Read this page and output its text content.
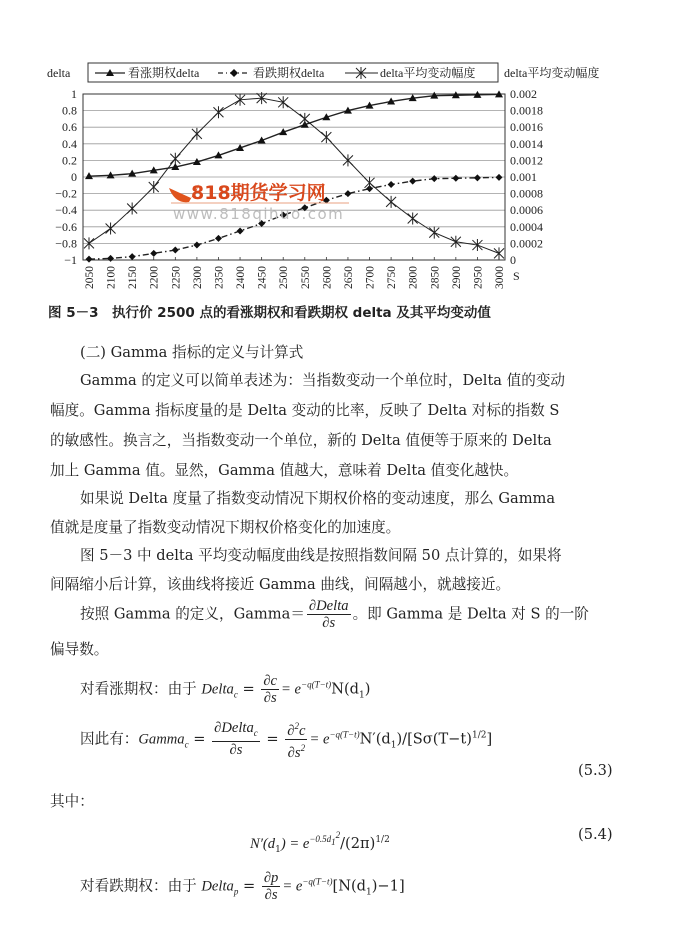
delta	看涨期权delta	看跌期权delta	delta平均变动幅度 delta平均变动幅度
1	0.002
0.8	0.0018
0.6	0.0016
0.4	0.0014
0.2	0.0012
0	0.001
−0.2	0.0008
−0.4	0.0006
−0.6	0.0004
−0.8	0.0002
−1	0
2050 2100 2150 2200 2250 2300 2350 2400 2450 2500 2550 2600 2650 2700 2750 2800 2850 2900 2950 3000 S
818期货学习网
www.818qihuo.com
图 5－3　执行价 2500 点的看涨期权和看跌期权 delta 及其平均变动值
(二) Gamma 指标的定义与计算式
Gamma 的定义可以简单表述为：当指数变动一个单位时，Delta 值的变动
幅度。Gamma 指标度量的是 Delta 变动的比率，反映了 Delta 对标的指数 S
的敏感性。换言之，当指数变动一个单位，新的 Delta 值便等于原来的 Delta
加上 Gamma 值。显然，Gamma 值越大，意味着 Delta 值变化越快。
如果说 Delta 度量了指数变动情况下期权价格的变动速度，那么 Gamma
值就是度量了指数变动情况下期权价格变化的加速度。
图 5－3 中 delta 平均变动幅度曲线是按照指数间隔 50 点计算的，如果将
间隔缩小后计算，该曲线将接近 Gamma 曲线，间隔越小，就越接近。
按照 Gamma 的定义，Gamma＝ $\frac{\text{∂Delta}}{\partial s}$ 。即 Gamma 是 Delta 对 S 的一阶
偏导数。
对看涨期权：由于 Delta$_c$ = $\frac{\partial c}{\partial s} = e^{-q(T-t)}N(d_1)$
因此有：Gamma$_c$ = $\frac{\partial Delta_c}{\partial s} = \frac{\partial^2c}{\partial s^2} = e^{-q(T-t)}N'(d_1)/[S\sigma(T-t)^{1/2}]$
(5.3)
其中：
$N'(d_1) = e^{-0.5d_1^2}/(2\pi)^{1/2}$	(5.4)
对看跌期权：由于 Delta$_p$ = $\frac{\partial p}{\partial s} = e^{-q(T-t)}[N(d_1)-1]$
